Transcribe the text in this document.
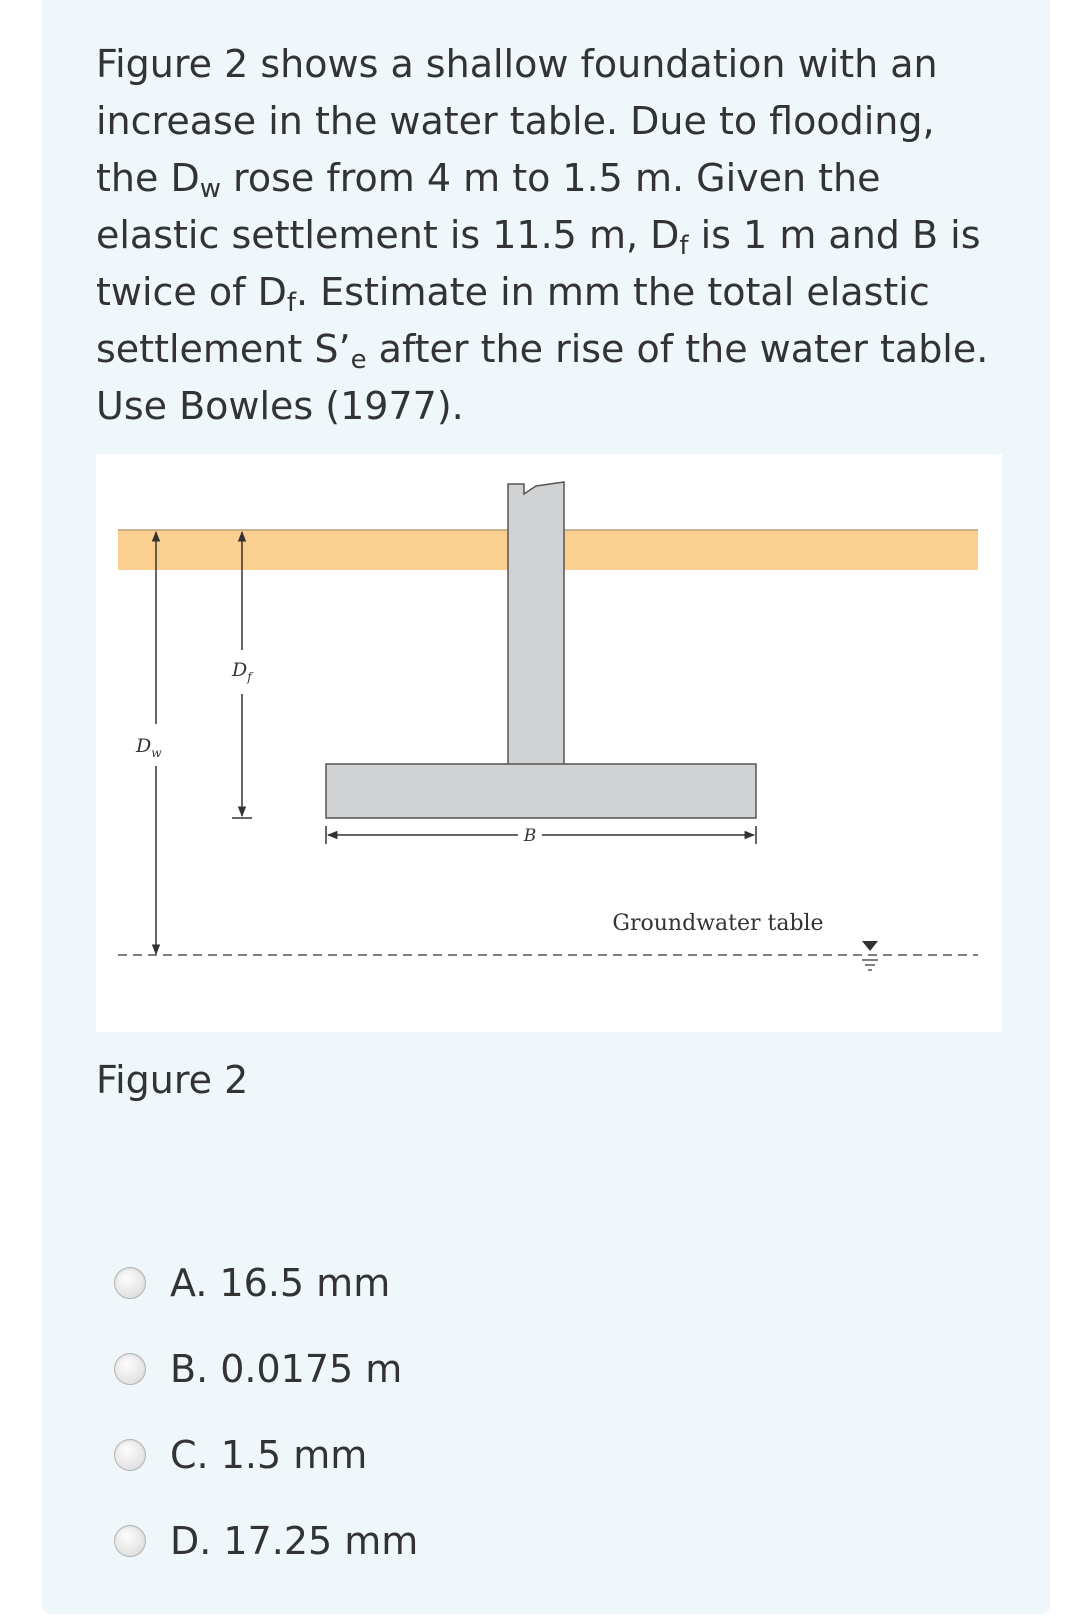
Figure 2 shows a shallow foundation with an increase in the water table. Due to flooding, the $D_w$ rose from 4 m to 1.5 m. Given the elastic settlement is 11.5 m, $D_f$ is 1 m and B is twice of $D_f$. Estimate in mm the total elastic settlement $S’_e$ after the rise of the water table. Use Bowles (1977).

$D_f$
$D_w$
B
Groundwater table

Figure 2

A. 16.5 mm
B. 0.0175 m
C. 1.5 mm
D. 17.25 mm
